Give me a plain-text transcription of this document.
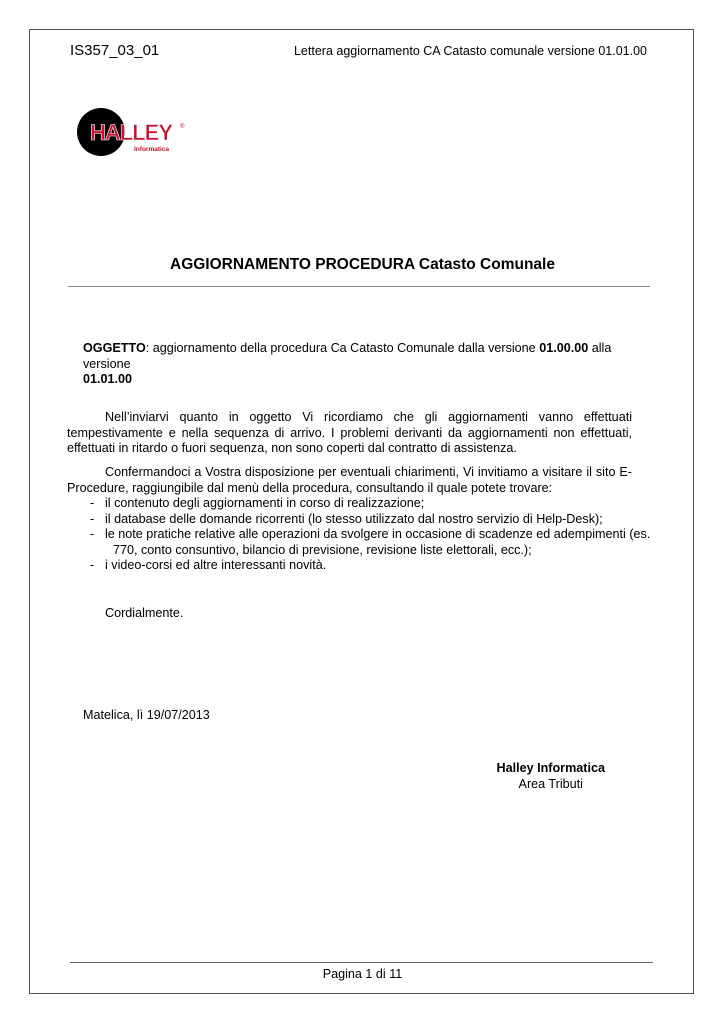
IS357_03_01	Lettera aggiornamento CA Catasto comunale versione 01.01.00
HALLEY ®
Informatica
AGGIORNAMENTO PROCEDURA Catasto Comunale
OGGETTO: aggiornamento della procedura Ca Catasto Comunale dalla versione 01.00.00 alla versione
01.01.00
Nell’inviarvi quanto in oggetto Vi ricordiamo che gli aggiornamenti vanno effettuati
tempestivamente e nella sequenza di arrivo. I problemi derivanti da aggiornamenti non effettuati,
effettuati in ritardo o fuori sequenza, non sono coperti dal contratto di assistenza.
Confermandoci a Vostra disposizione per eventuali chiarimenti, Vi invitiamo a visitare il sito E-
Procedure, raggiungibile dal menù della procedura, consultando il quale potete trovare:
- il contenuto degli aggiornamenti in corso di realizzazione;
- il database delle domande ricorrenti (lo stesso utilizzato dal nostro servizio di Help-Desk);
- le note pratiche relative alle operazioni da svolgere in occasione di scadenze ed adempimenti (es.
770, conto consuntivo, bilancio di previsione, revisione liste elettorali, ecc.);
- i video-corsi ed altre interessanti novità.
Cordialmente.
Matelica, lì 19/07/2013
Halley Informatica
Area Tributi
Pagina 1 di 11
